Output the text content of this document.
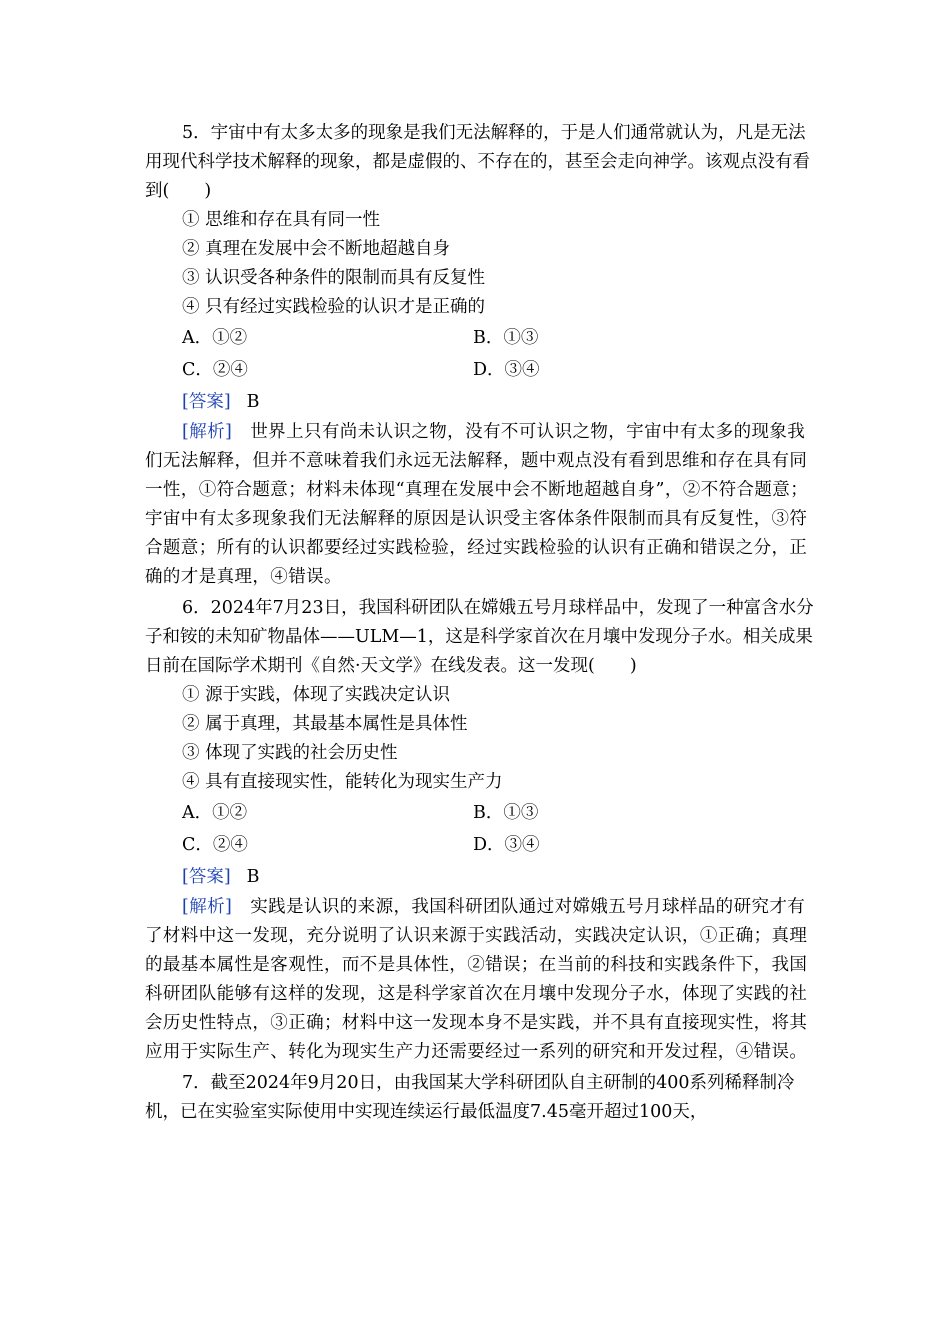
5．宇宙中有太多太多的现象是我们无法解释的，于是人们通常就认为，凡是无法用现代科学技术解释的现象，都是虚假的、不存在的，甚至会走向神学。该观点没有看到(　　)

① 思维和存在具有同一性

② 真理在发展中会不断地超越自身

③ 认识受各种条件的限制而具有反复性

④ 只有经过实践检验的认识才是正确的

A．①②	B．①③
C．②④	D．③④
[答案] B

[解析] 世界上只有尚未认识之物，没有不可认识之物，宇宙中有太多的现象我们无法解释，但并不意味着我们永远无法解释，题中观点没有看到思维和存在具有同一性，①符合题意；材料未体现“真理在发展中会不断地超越自身”，②不符合题意；宇宙中有太多现象我们无法解释的原因是认识受主客体条件限制而具有反复性，③符合题意；所有的认识都要经过实践检验，经过实践检验的认识有正确和错误之分，正确的才是真理，④错误。

6．2024年7月23日，我国科研团队在嫦娥五号月球样品中，发现了一种富含水分子和铵的未知矿物晶体——ULM—1，这是科学家首次在月壤中发现分子水。相关成果日前在国际学术期刊《自然·天文学》在线发表。这一发现(　　)

① 源于实践，体现了实践决定认识

② 属于真理，其最基本属性是具体性

③ 体现了实践的社会历史性

④ 具有直接现实性，能转化为现实生产力

A．①②	B．①③
C．②④	D．③④
[答案] B

[解析] 实践是认识的来源，我国科研团队通过对嫦娥五号月球样品的研究才有了材料中这一发现，充分说明了认识来源于实践活动，实践决定认识，①正确；真理的最基本属性是客观性，而不是具体性，②错误；在当前的科技和实践条件下，我国科研团队能够有这样的发现，这是科学家首次在月壤中发现分子水，体现了实践的社会历史性特点，③正确；材料中这一发现本身不是实践，并不具有直接现实性，将其应用于实际生产、转化为现实生产力还需要经过一系列的研究和开发过程，④错误。

7．截至2024年9月20日，由我国某大学科研团队自主研制的400系列稀释制冷机，已在实验室实际使用中实现连续运行最低温度7.45毫开超过100天，
